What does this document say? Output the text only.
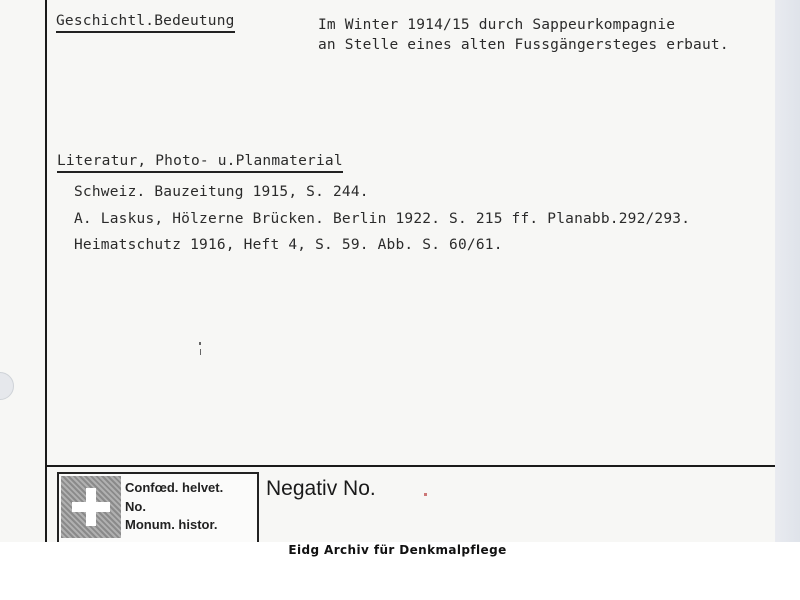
Geschichtl.Bedeutung	Im Winter 1914/15 durch Sappeurkompagnie
an Stelle eines alten Fussgängersteges erbaut.
Literatur, Photo- u.Planmaterial
Schweiz. Bauzeitung 1915, S. 244.
A. Laskus, Hölzerne Brücken. Berlin 1922. S. 215 ff. Planabb.292/293.
Heimatschutz 1916, Heft 4, S. 59. Abb. S. 60/61.
Confœd. helvet.
No.
Monum. histor.
Negativ No.
Eidg Archiv für Denkmalpflege
